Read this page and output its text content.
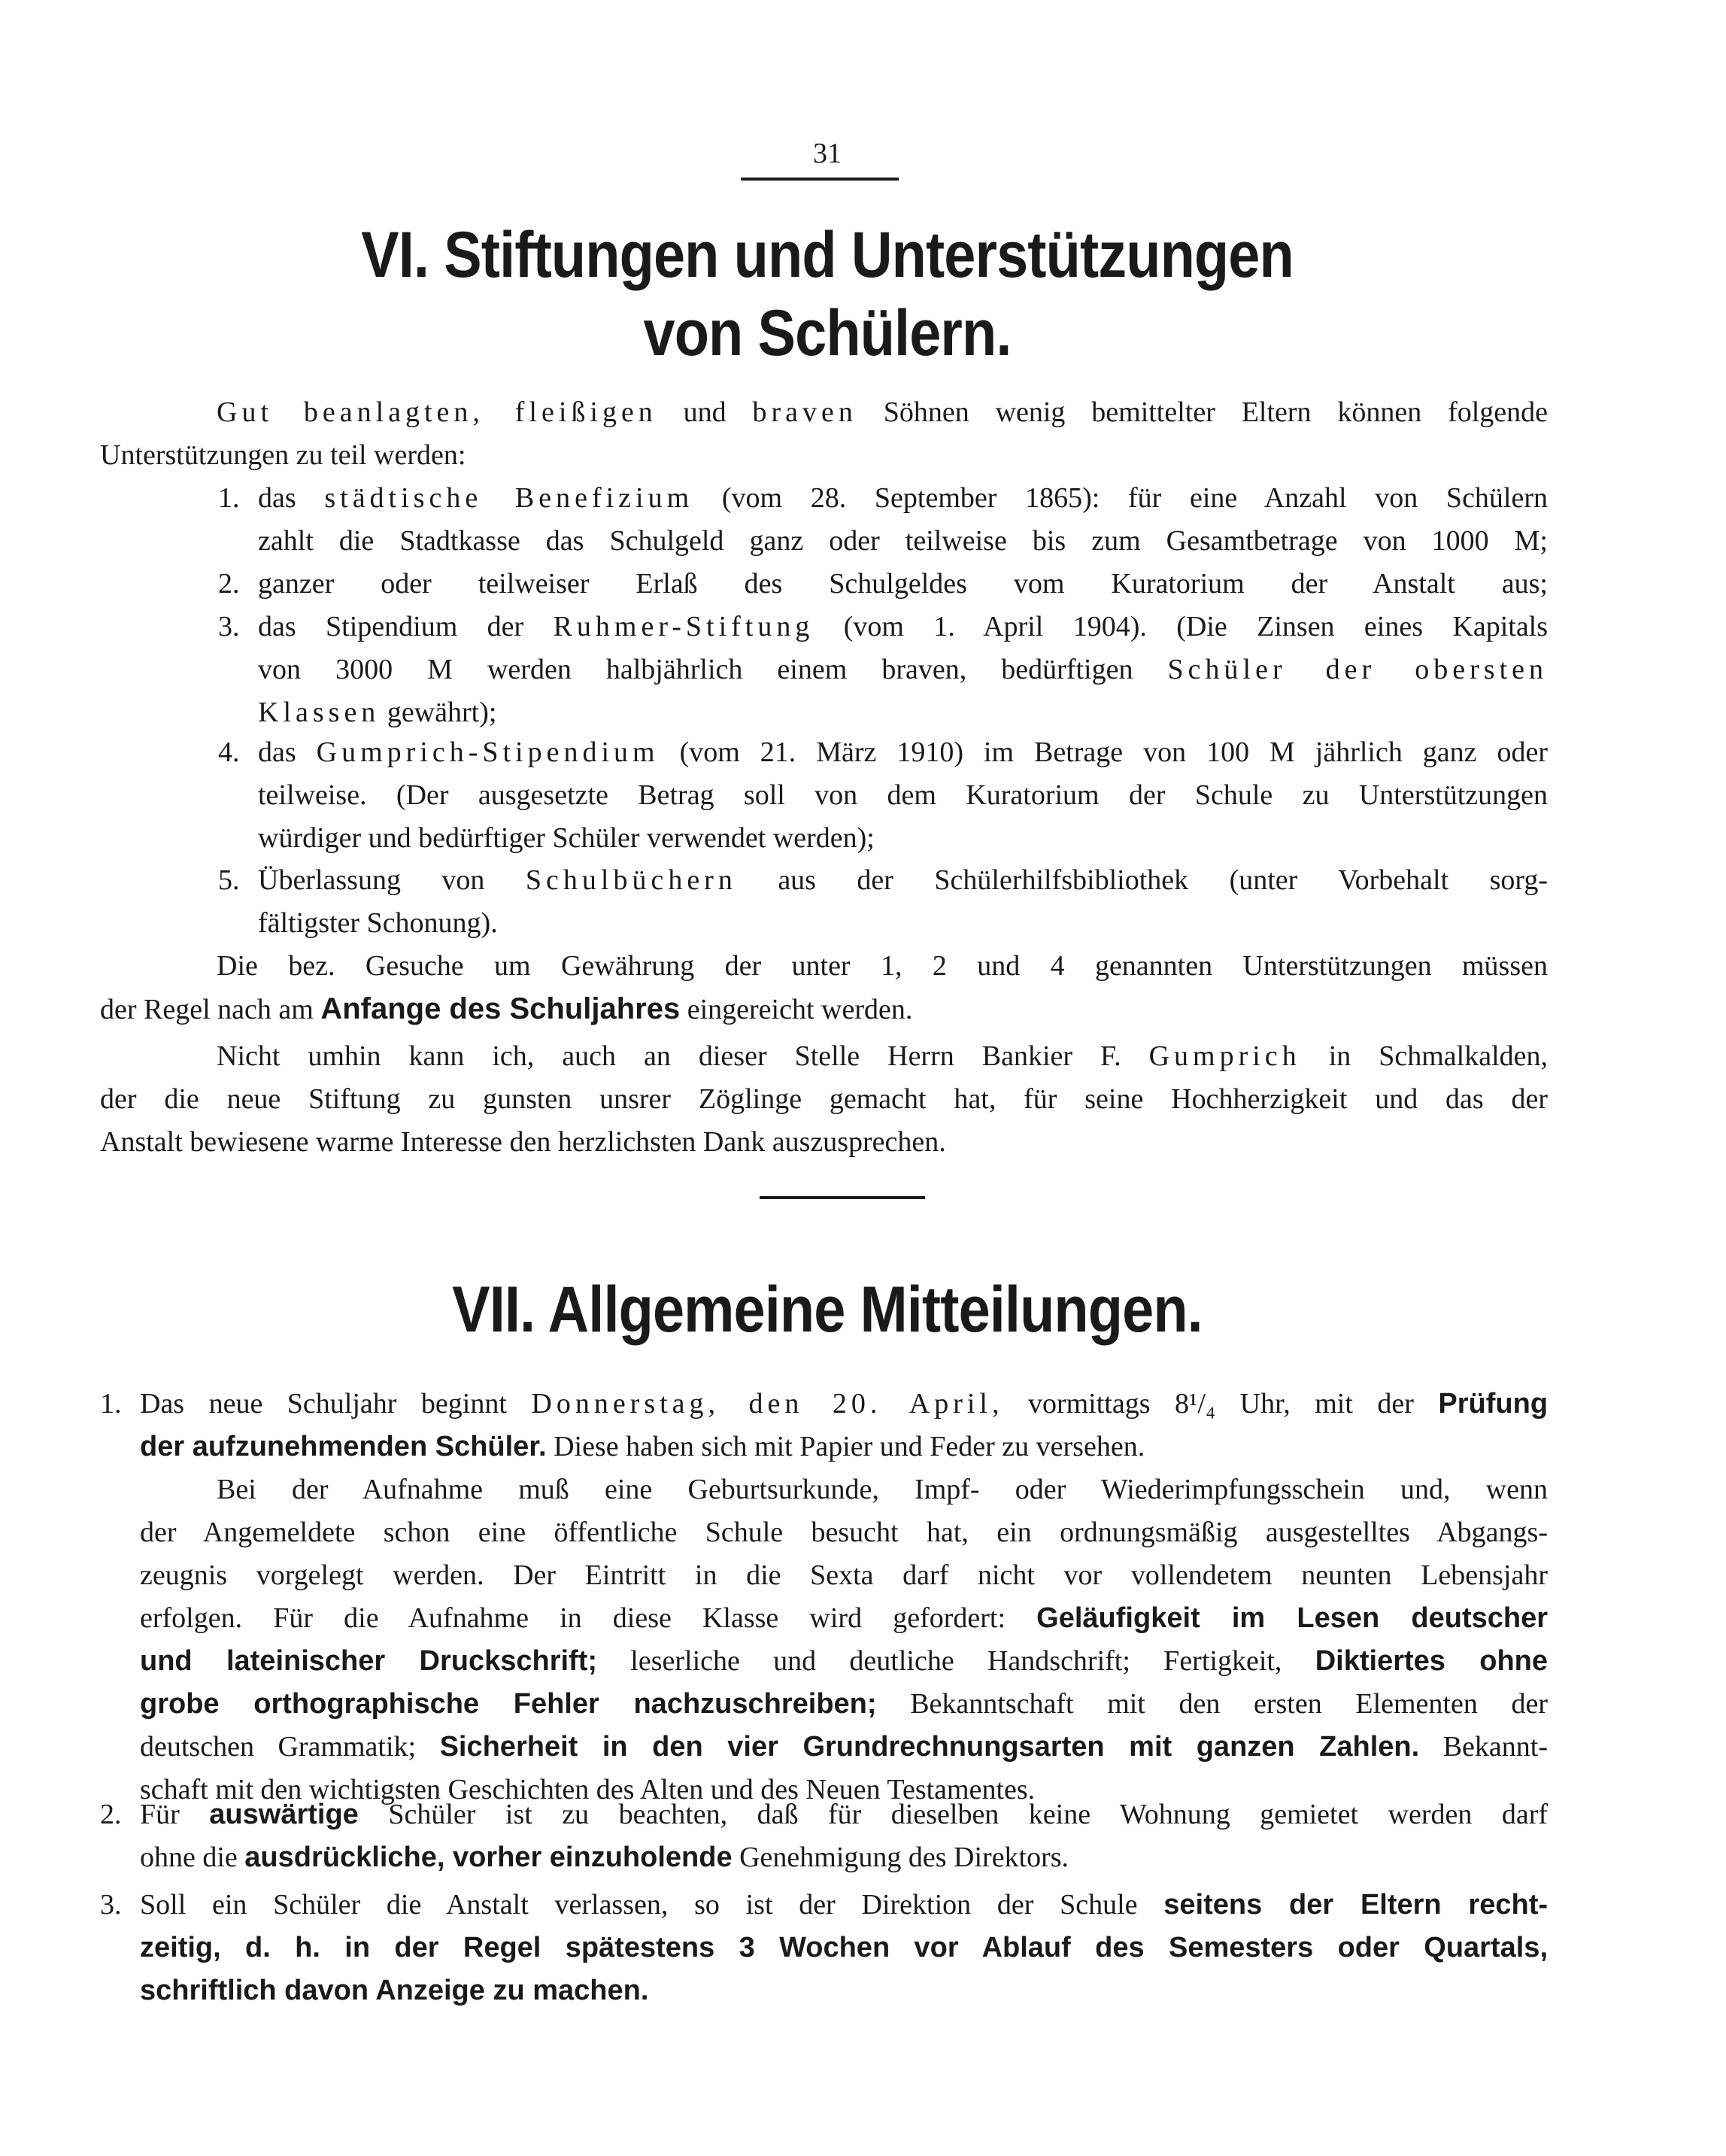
31
VI. Stiftungen und Unterstützungen
von Schülern.
Gut beanlagten, fleißigen und braven Söhnen wenig bemittelter Eltern können folgende
Unterstützungen zu teil werden:
1. das städtische Benefizium (vom 28. September 1865): für eine Anzahl von Schülern
zahlt die Stadtkasse das Schulgeld ganz oder teilweise bis zum Gesamtbetrage von 1000 M;
2. ganzer oder teilweiser Erlaß des Schulgeldes vom Kuratorium der Anstalt aus;
3. das Stipendium der Ruhmer-Stiftung (vom 1. April 1904). (Die Zinsen eines Kapitals
von 3000 M werden halbjährlich einem braven, bedürftigen Schüler der obersten
Klassen gewährt);
4. das Gumprich-Stipendium (vom 21. März 1910) im Betrage von 100 M jährlich ganz oder
teilweise. (Der ausgesetzte Betrag soll von dem Kuratorium der Schule zu Unterstützungen
würdiger und bedürftiger Schüler verwendet werden);
5. Überlassung von Schulbüchern aus der Schülerhilfsbibliothek (unter Vorbehalt sorg-
fältigster Schonung).
Die bez. Gesuche um Gewährung der unter 1, 2 und 4 genannten Unterstützungen müssen
der Regel nach am Anfange des Schuljahres eingereicht werden.
Nicht umhin kann ich, auch an dieser Stelle Herrn Bankier F. Gumprich in Schmalkalden,
der die neue Stiftung zu gunsten unsrer Zöglinge gemacht hat, für seine Hochherzigkeit und das der
Anstalt bewiesene warme Interesse den herzlichsten Dank auszusprechen.
VII. Allgemeine Mitteilungen.
1. Das neue Schuljahr beginnt Donnerstag, den 20. April, vormittags 8¹/₄ Uhr, mit der Prüfung
der aufzunehmenden Schüler. Diese haben sich mit Papier und Feder zu versehen.
Bei der Aufnahme muß eine Geburtsurkunde, Impf- oder Wiederimpfungsschein und, wenn
der Angemeldete schon eine öffentliche Schule besucht hat, ein ordnungsmäßig ausgestelltes Abgangs-
zeugnis vorgelegt werden. Der Eintritt in die Sexta darf nicht vor vollendetem neunten Lebensjahr
erfolgen. Für die Aufnahme in diese Klasse wird gefordert: Geläufigkeit im Lesen deutscher
und lateinischer Druckschrift; leserliche und deutliche Handschrift; Fertigkeit, Diktiertes ohne
grobe orthographische Fehler nachzuschreiben; Bekanntschaft mit den ersten Elementen der
deutschen Grammatik; Sicherheit in den vier Grundrechnungsarten mit ganzen Zahlen. Bekannt-
schaft mit den wichtigsten Geschichten des Alten und des Neuen Testamentes.
2. Für auswärtige Schüler ist zu beachten, daß für dieselben keine Wohnung gemietet werden darf
ohne die ausdrückliche, vorher einzuholende Genehmigung des Direktors.
3. Soll ein Schüler die Anstalt verlassen, so ist der Direktion der Schule seitens der Eltern recht-
zeitig, d. h. in der Regel spätestens 3 Wochen vor Ablauf des Semesters oder Quartals,
schriftlich davon Anzeige zu machen.
